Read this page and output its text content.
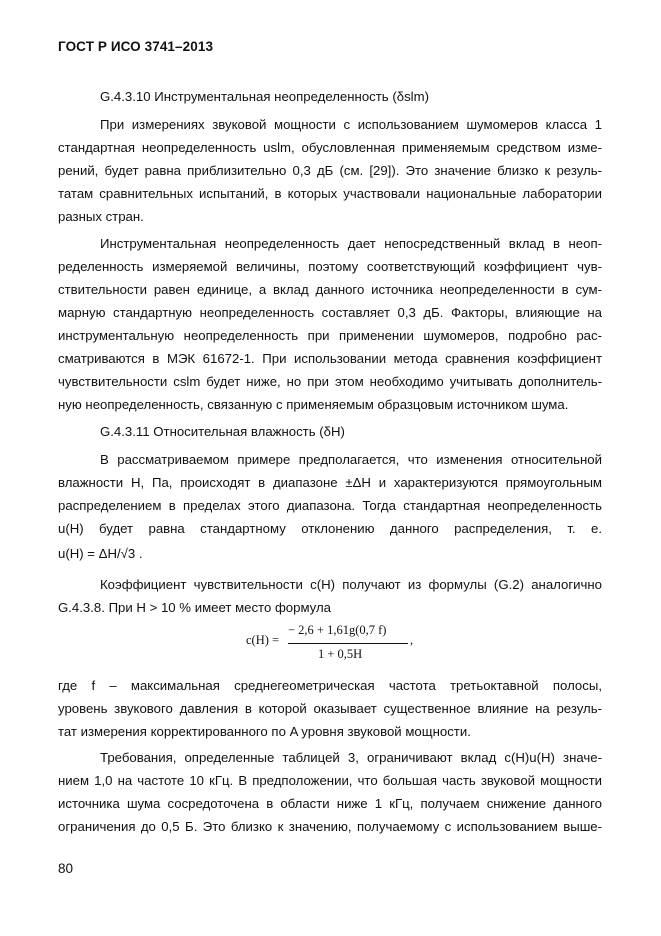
ГОСТ Р ИСО 3741–2013
G.4.3.10 Инструментальная неопределенность (δslm)
При измерениях звуковой мощности с использованием шумомеров класса 1
стандартная неопределенность uslm, обусловленная применяемым средством изме-
рений, будет равна приблизительно 0,3 дБ (см. [29]). Это значение близко к резуль-
татам сравнительных испытаний, в которых участвовали национальные лаборатории
разных стран.
Инструментальная неопределенность дает непосредственный вклад в неоп-
ределенность измеряемой величины, поэтому соответствующий коэффициент чув-
ствительности равен единице, а вклад данного источника неопределенности в сум-
марную стандартную неопределенность составляет 0,3 дБ. Факторы, влияющие на
инструментальную неопределенность при применении шумомеров, подробно рас-
сматриваются в МЭК 61672-1. При использовании метода сравнения коэффициент
чувствительности cslm будет ниже, но при этом необходимо учитывать дополнитель-
ную неопределенность, связанную с применяемым образцовым источником шума.
G.4.3.11 Относительная влажность (δH)
В рассматриваемом примере предполагается, что изменения относительной
влажности H, Па, происходят в диапазоне ±ΔH и характеризуются прямоугольным
распределением в пределах этого диапазона. Тогда стандартная неопределенность
u(H) будет равна стандартному отклонению данного распределения, т. е.
u(H) = ΔH/√3 .
Коэффициент чувствительности c(H) получают из формулы (G.2) аналогично
G.4.3.8. При H > 10 % имеет место формула
c(H) =
− 2,6 + 1,61g(0,7 f)
1 + 0,5H
,
где f – максимальная среднегеометрическая частота третьоктавной полосы,
уровень звукового давления в которой оказывает существенное влияние на резуль-
тат измерения корректированного по A уровня звуковой мощности.
Требования, определенные таблицей 3, ограничивают вклад c(H)u(H) значе-
нием 1,0 на частоте 10 кГц. В предположении, что большая часть звуковой мощности
источника шума сосредоточена в области ниже 1 кГц, получаем снижение данного
ограничения до 0,5 Б. Это близко к значению, получаемому с использованием выше-
80
